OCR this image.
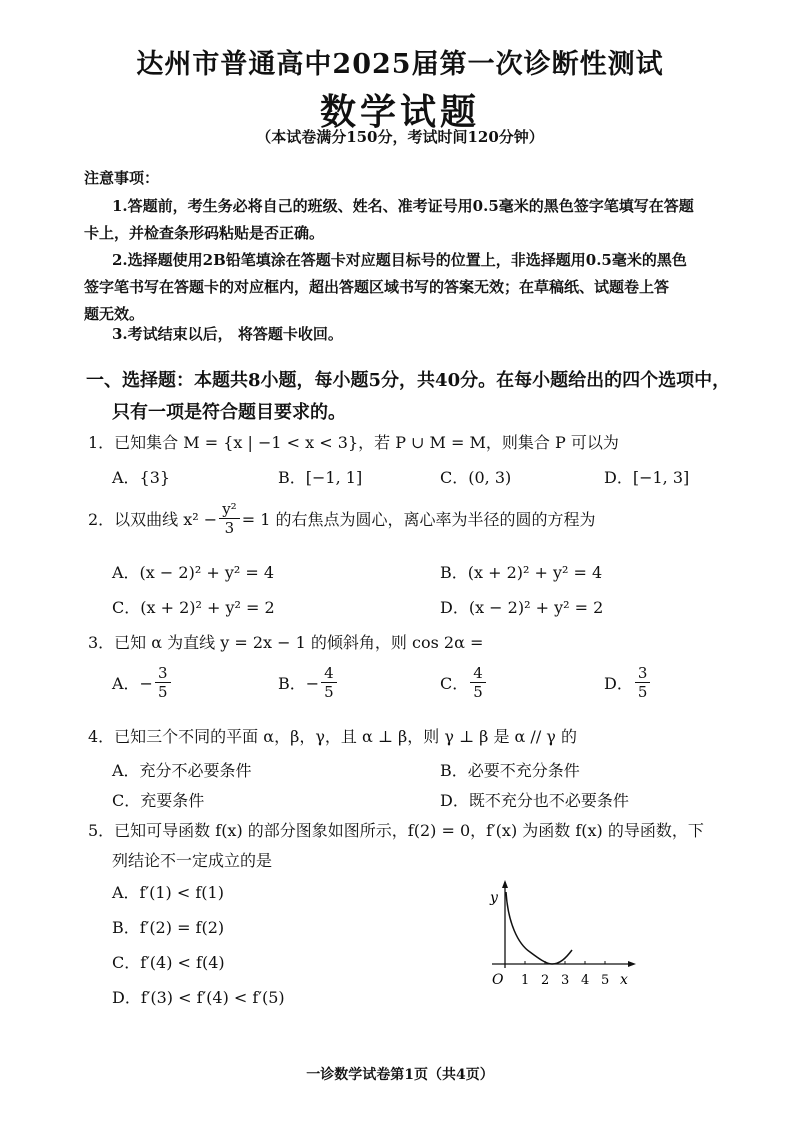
达州市普通高中2025届第一次诊断性测试
数学试题
（本试卷满分150分，考试时间120分钟）
注意事项：
1.答题前，考生务必将自己的班级、姓名、准考证号用0.5毫米的黑色签字笔填写在答题
卡上，并检查条形码粘贴是否正确。
2.选择题使用2B铅笔填涂在答题卡对应题目标号的位置上，非选择题用0.5毫米的黑色
签字笔书写在答题卡的对应框内，超出答题区域书写的答案无效；在草稿纸、试题卷上答
题无效。
3.考试结束以后， 将答题卡收回。
一、选择题：本题共8小题，每小题5分，共40分。在每小题给出的四个选项中，
只有一项是符合题目要求的。
1．已知集合 M = {x | −1 < x < 3}，若 P ∪ M = M，则集合 P 可以为
A．{3}	B．[−1, 1]	C．(0, 3)	D．[−1, 3]
2．以双曲线 $x^2 - \frac{\text{y²}}{3} = 1$ 的右焦点为圆心，离心率为半径的圆的方程为
A．(x − 2)² + y² = 4	B．(x + 2)² + y² = 4
C．(x + 2)² + y² = 2	D．(x − 2)² + y² = 2
3．已知 α 为直线 y = 2x − 1 的倾斜角，则 cos 2α =
A．− $\frac{3}{5}$	B．− $\frac{4}{5}$	C． $\frac{4}{5}$	D． $\frac{3}{5}$
4．已知三个不同的平面 α，β，γ，且 α ⊥ β，则 γ ⊥ β 是 α // γ 的
A．充分不必要条件	B．必要不充分条件
C．充要条件	D．既不充分也不必要条件
5．已知可导函数 f(x) 的部分图象如图所示，f(2) = 0，f′(x) 为函数 f(x) 的导函数，下
列结论不一定成立的是
A．f′(1) < f(1)
B．f′(2) = f(2)
C．f′(4) < f(4)
D．f′(3) < f′(4) < f′(5)
y
O	x
1 2 3 4 5
一诊数学试卷第1页（共4页）
